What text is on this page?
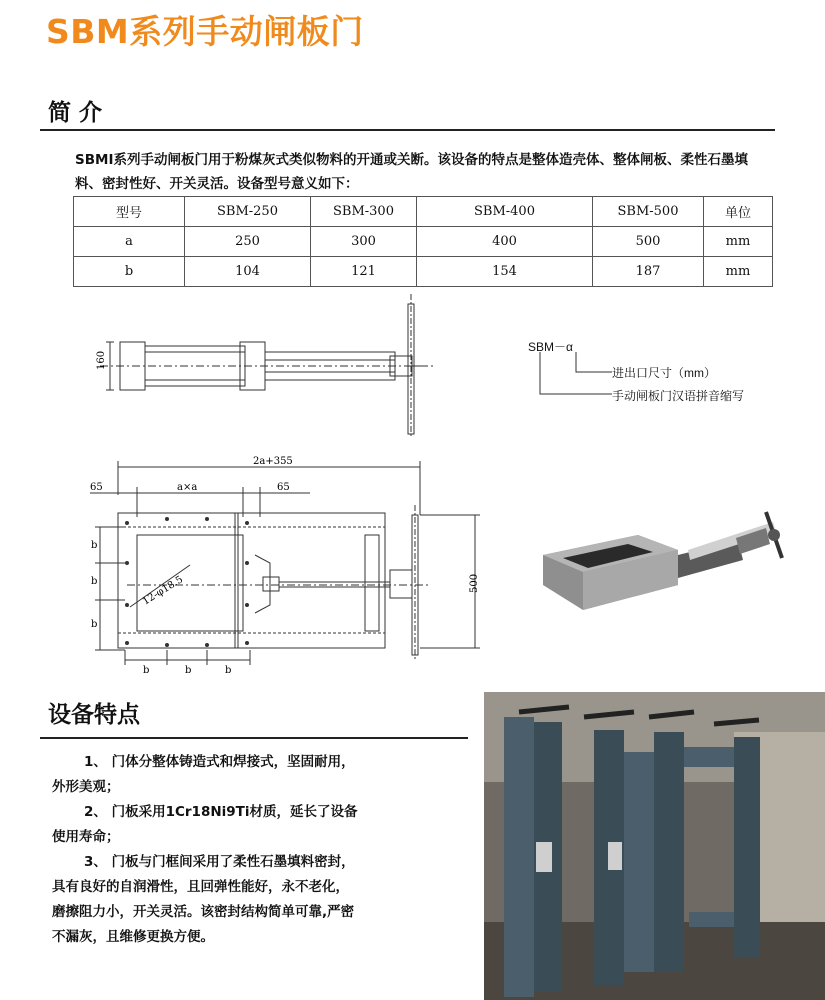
SBM系列手动闸板门
简 介
SBMI系列手动闸板门用于粉煤灰式类似物料的开通或关断。该设备的特点是整体造壳体、整体闸板、柔性石墨填料、密封性好、开关灵活。设备型号意义如下：
型号	SBM-250	SBM-300	SBM-400	SBM-500	单位
a	250	300	400	500	mm
b	104	121	154	187	mm
160
SBM－α
进出口尺寸（mm）
手动闸板门汉语拼音缩写
2a+355
a×a
65	65
12-φ18.5	500
b
b
b
b	b	b
设备特点

1、 门体分整体铸造式和焊接式，坚固耐用，外形美观；

2、 门板采用1Cr18Ni9Ti材质，延长了设备使用寿命；

3、 门板与门框间采用了柔性石墨填料密封，具有良好的自润滑性，且回弹性能好，永不老化，磨擦阻力小，开关灵活。该密封结构简单可靠,严密不漏灰，且维修更换方便。
